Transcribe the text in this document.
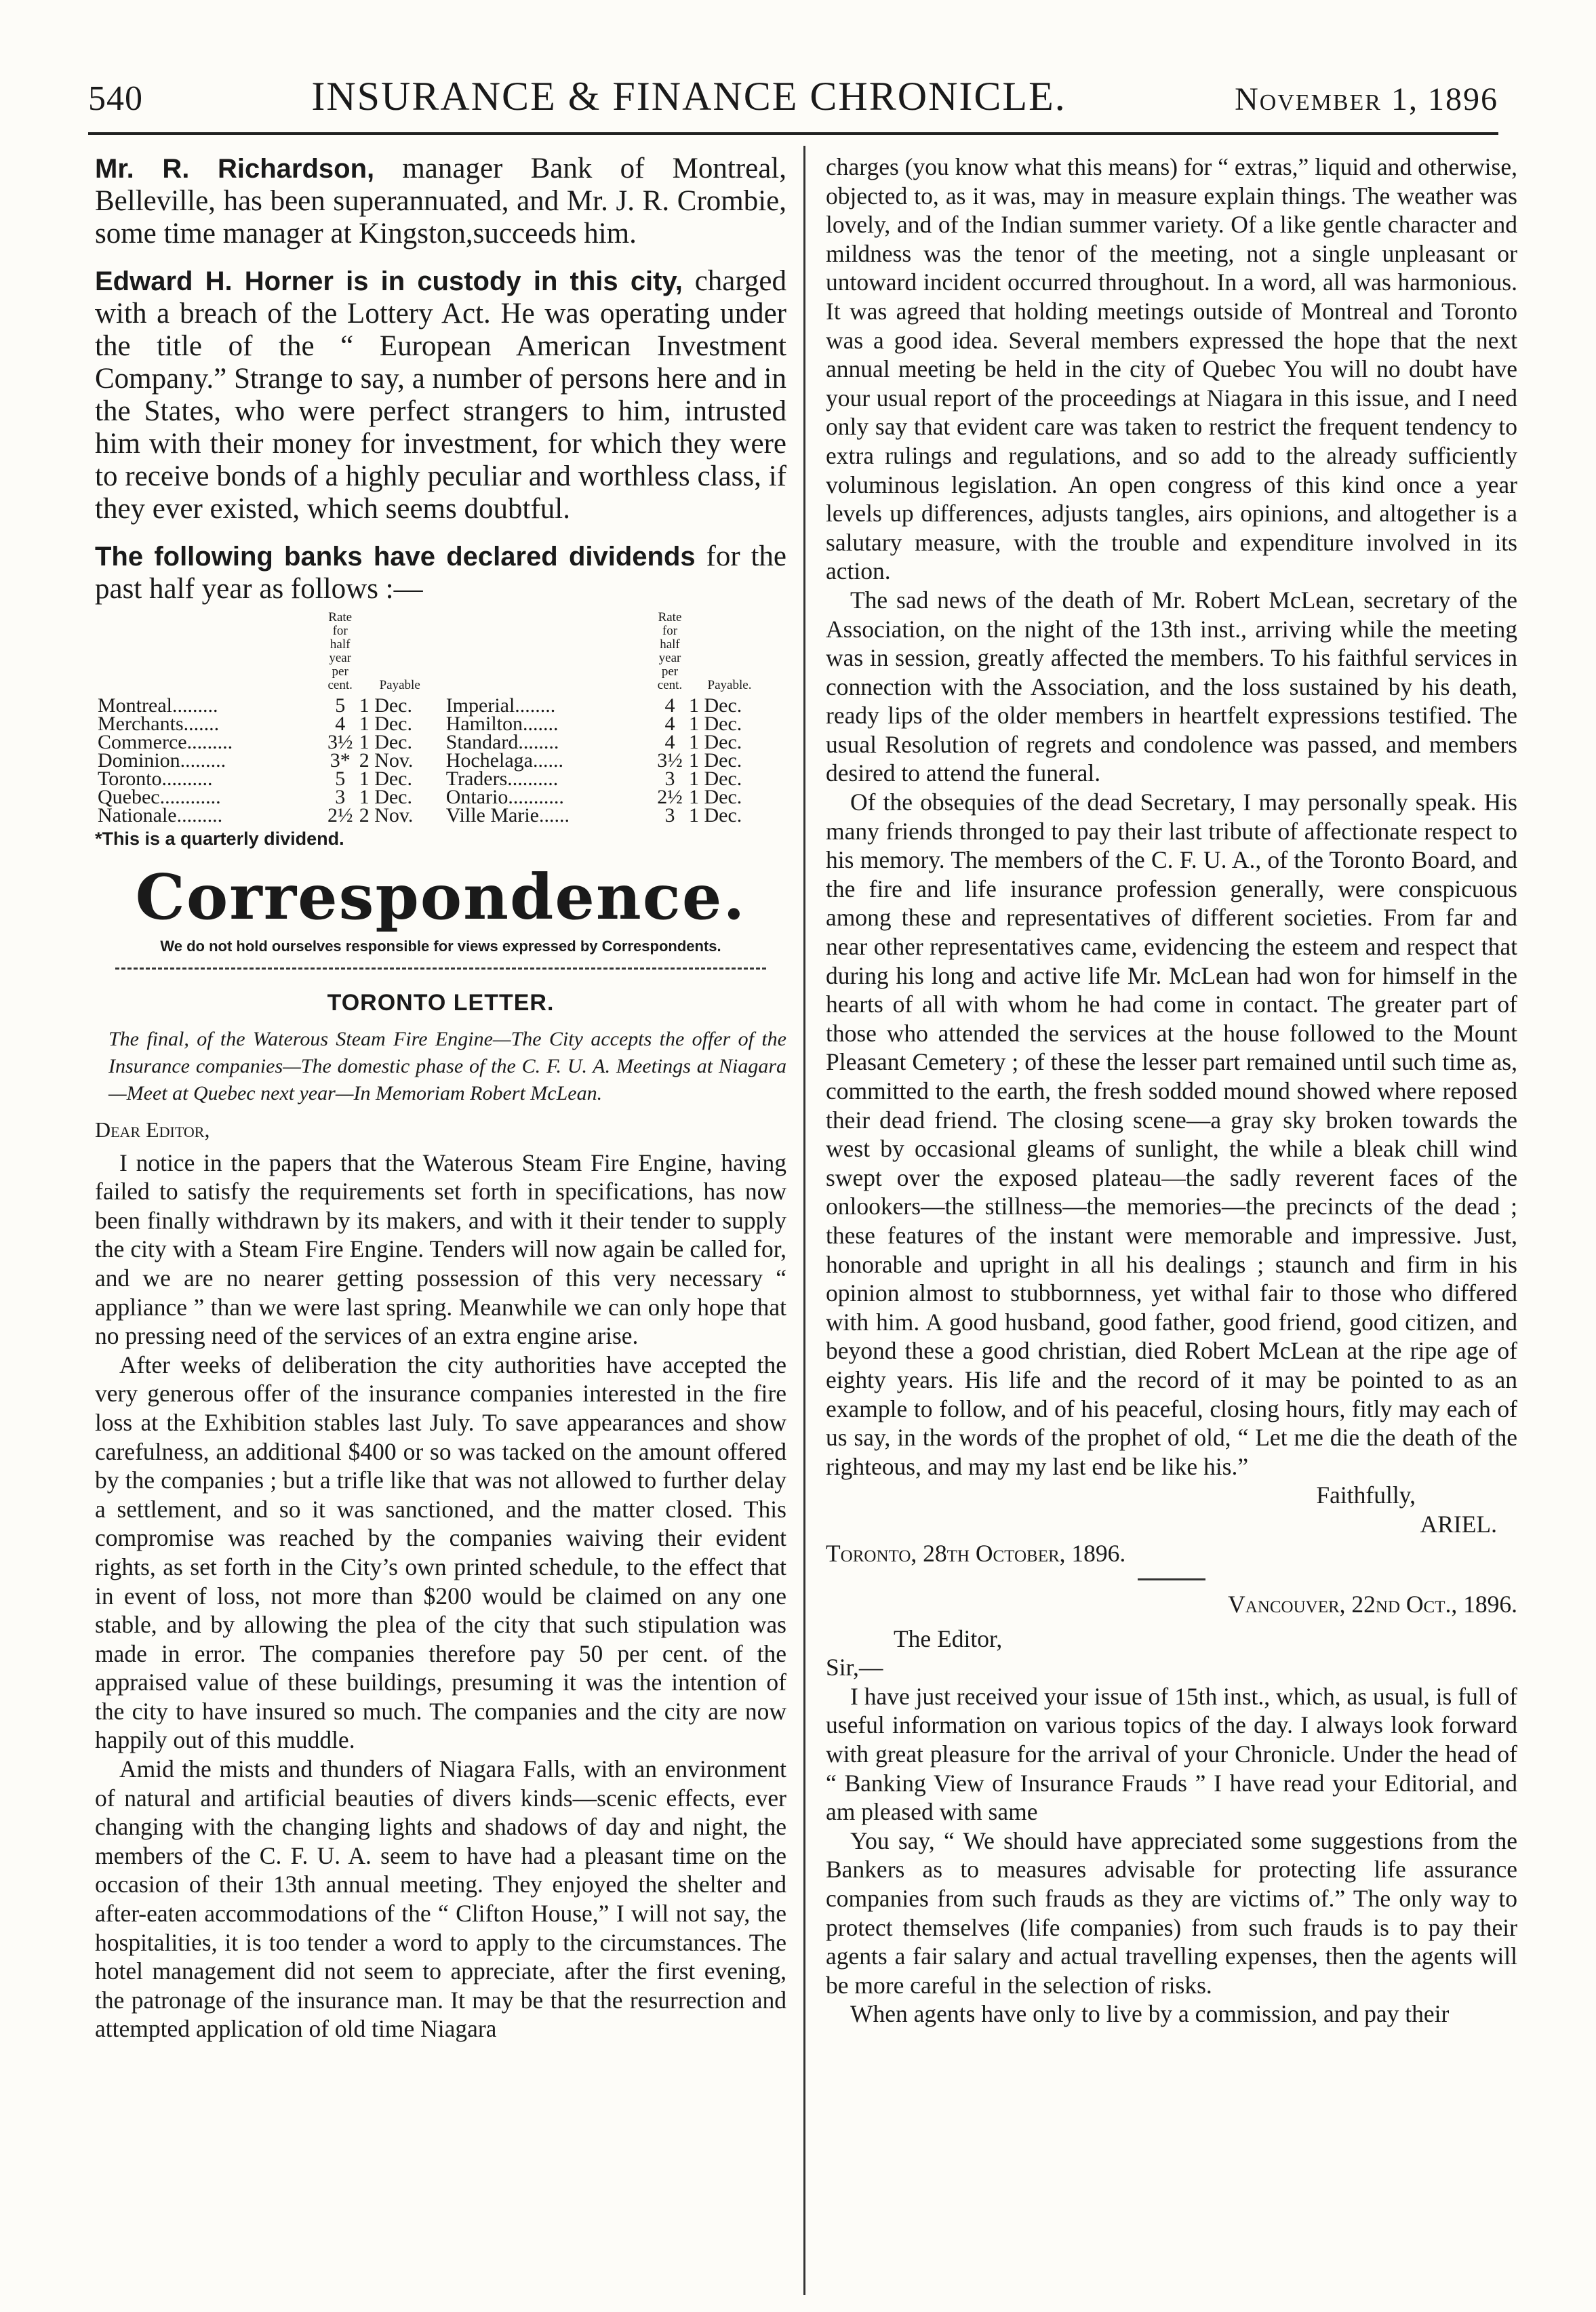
540	INSURANCE & FINANCE CHRONICLE.	November 1, 1896

Mr. R. Richardson, manager Bank of Montreal, Belleville, has been superannuated, and Mr. J. R. Crombie, some time manager at Kingston,succeeds him.

Edward H. Horner is in custody in this city, charged with a breach of the Lottery Act. He was operating under the title of the “ European American Investment Company.” Strange to say, a number of persons here and in the States, who were perfect strangers to him, intrusted him with their money for investment, for which they were to receive bonds of a highly peculiar and worthless class, if they ever existed, which seems doubtful.

The following banks have declared dividends for the past half year as follows :—

	Rate for half year per cent.	Payable		Rate for half year per cent.	Payable.
Montreal.........	5	1 Dec.	Imperial........	4	1 Dec.
Merchants.......	4	1 Dec.	Hamilton.......	4	1 Dec.
Commerce.........	3½	1 Dec.	Standard........	4	1 Dec.
Dominion.........	3*	2 Nov.	Hochelaga......	3½	1 Dec.
Toronto..........	5	1 Dec.	Traders..........	3	1 Dec.
Quebec............	3	1 Dec.	Ontario...........	2½	1 Dec.
Nationale.........	2½	2 Nov.	Ville Marie......	3	1 Dec.
*This is a quarterly dividend.
Correspondence.
We do not hold ourselves responsible for views expressed by Correspondents.
TORONTO LETTER.

The final, of the Waterous Steam Fire Engine—The City accepts the offer of the Insurance companies—The domestic phase of the C. F. U. A. Meetings at Niagara—Meet at Quebec next year—In Memoriam Robert McLean.

Dear Editor,

I notice in the papers that the Waterous Steam Fire Engine, having failed to satisfy the requirements set forth in specifications, has now been finally withdrawn by its makers, and with it their tender to supply the city with a Steam Fire Engine. Tenders will now again be called for, and we are no nearer getting possession of this very necessary “ appliance ” than we were last spring. Meanwhile we can only hope that no pressing need of the services of an extra engine arise.

After weeks of deliberation the city authorities have accepted the very generous offer of the insurance companies interested in the fire loss at the Exhibition stables last July. To save appearances and show carefulness, an additional $400 or so was tacked on the amount offered by the companies ; but a trifle like that was not allowed to further delay a settlement, and so it was sanctioned, and the matter closed. This compromise was reached by the companies waiving their evident rights, as set forth in the City’s own printed schedule, to the effect that in event of loss, not more than $200 would be claimed on any one stable, and by allowing the plea of the city that such stipulation was made in error. The companies therefore pay 50 per cent. of the appraised value of these buildings, presuming it was the intention of the city to have insured so much. The companies and the city are now happily out of this muddle.

Amid the mists and thunders of Niagara Falls, with an environment of natural and artificial beauties of divers kinds—scenic effects, ever changing with the changing lights and shadows of day and night, the members of the C. F. U. A. seem to have had a pleasant time on the occasion of their 13th annual meeting. They enjoyed the shelter and after-eaten accommodations of the “ Clifton House,” I will not say, the hospitalities, it is too tender a word to apply to the circumstances. The hotel management did not seem to appreciate, after the first evening, the patronage of the insurance man. It may be that the resurrection and attempted application of old time Niagara

charges (you know what this means) for “ extras,” liquid and otherwise, objected to, as it was, may in measure explain things. The weather was lovely, and of the Indian summer variety. Of a like gentle character and mildness was the tenor of the meeting, not a single unpleasant or untoward incident occurred throughout. In a word, all was harmonious. It was agreed that holding meetings outside of Montreal and Toronto was a good idea. Several members expressed the hope that the next annual meeting be held in the city of Quebec You will no doubt have your usual report of the proceedings at Niagara in this issue, and I need only say that evident care was taken to restrict the frequent tendency to extra rulings and regulations, and so add to the already sufficiently voluminous legislation. An open congress of this kind once a year levels up differences, adjusts tangles, airs opinions, and altogether is a salutary measure, with the trouble and expenditure involved in its action.

The sad news of the death of Mr. Robert McLean, secretary of the Association, on the night of the 13th inst., arriving while the meeting was in session, greatly affected the members. To his faithful services in connection with the Association, and the loss sustained by his death, ready lips of the older members in heartfelt expressions testified. The usual Resolution of regrets and condolence was passed, and members desired to attend the funeral.

Of the obsequies of the dead Secretary, I may personally speak. His many friends thronged to pay their last tribute of affectionate respect to his memory. The members of the C. F. U. A., of the Toronto Board, and the fire and life insurance profession generally, were conspicuous among these and representatives of different societies. From far and near other representatives came, evidencing the esteem and respect that during his long and active life Mr. McLean had won for himself in the hearts of all with whom he had come in contact. The greater part of those who attended the services at the house followed to the Mount Pleasant Cemetery ; of these the lesser part remained until such time as, committed to the earth, the fresh sodded mound showed where reposed their dead friend. The closing scene—a gray sky broken towards the west by occasional gleams of sunlight, the while a bleak chill wind swept over the exposed plateau—the sadly reverent faces of the onlookers—the stillness—the memories—the precincts of the dead ; these features of the instant were memorable and impressive. Just, honorable and upright in all his dealings ; staunch and firm in his opinion almost to stubbornness, yet withal fair to those who differed with him. A good husband, good father, good friend, good citizen, and beyond these a good christian, died Robert McLean at the ripe age of eighty years. His life and the record of it may be pointed to as an example to follow, and of his peaceful, closing hours, fitly may each of us say, in the words of the prophet of old, “ Let me die the death of the righteous, and may my last end be like his.”

Faithfully,

ARIEL.

Toronto, 28th October, 1896.

Vancouver, 22nd Oct., 1896.

The Editor,

Sir,—

I have just received your issue of 15th inst., which, as usual, is full of useful information on various topics of the day. I always look forward with great pleasure for the arrival of your Chronicle. Under the head of “ Banking View of Insurance Frauds ” I have read your Editorial, and am pleased with same

You say, “ We should have appreciated some suggestions from the Bankers as to measures advisable for protecting life assurance companies from such frauds as they are victims of.” The only way to protect themselves (life companies) from such frauds is to pay their agents a fair salary and actual travelling expenses, then the agents will be more careful in the selection of risks.

When agents have only to live by a commission, and pay their
